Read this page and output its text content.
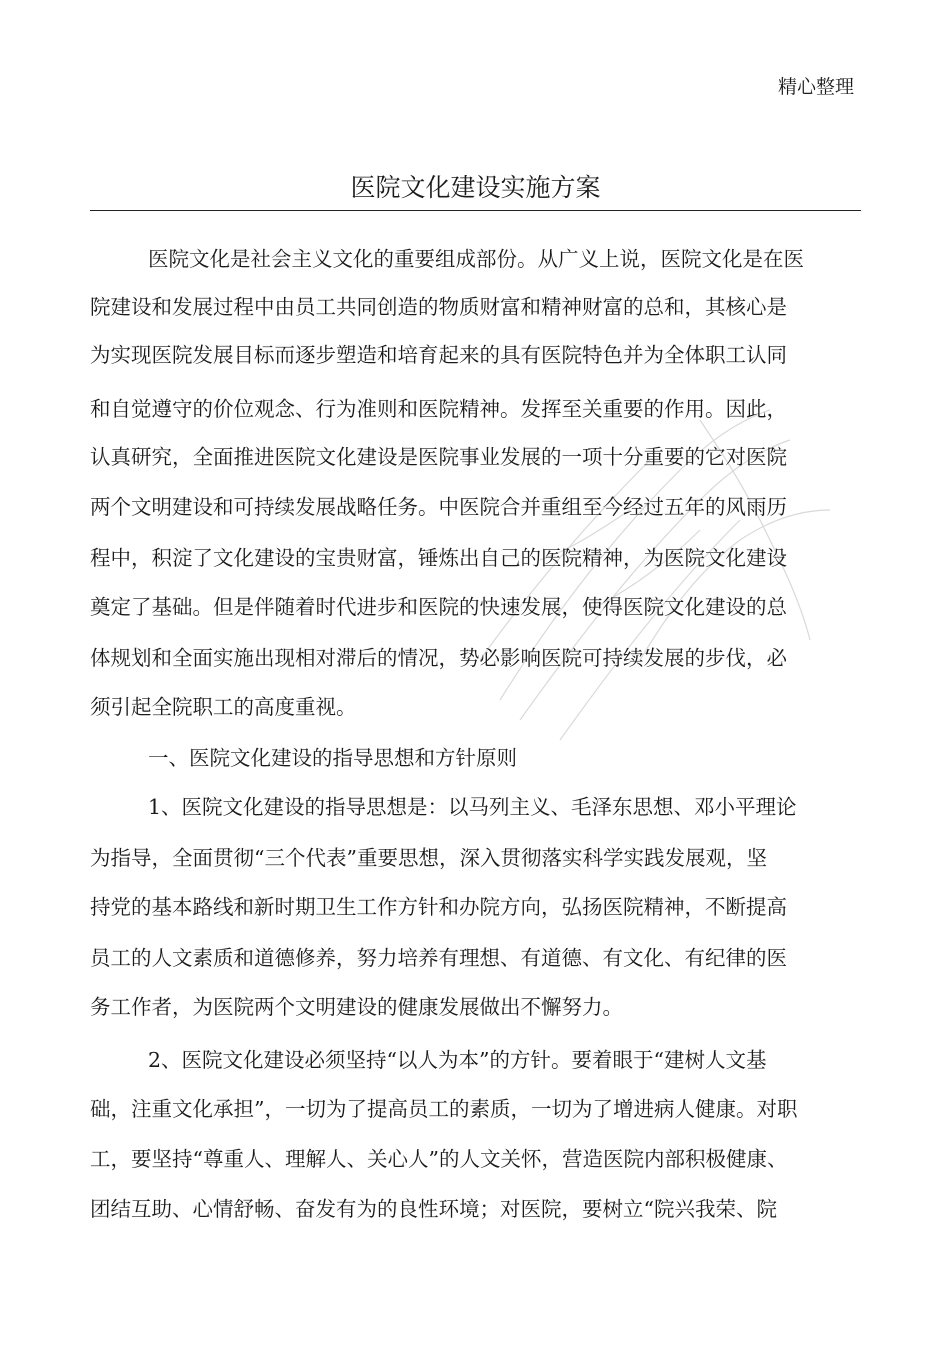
精心整理
医院文化建设实施方案
医院文化是社会主义文化的重要组成部份。从广义上说，医院文化是在医
院建设和发展过程中由员工共同创造的物质财富和精神财富的总和，其核心是
为实现医院发展目标而逐步塑造和培育起来的具有医院特色并为全体职工认同
和自觉遵守的价位观念、行为准则和医院精神。发挥至关重要的作用。因此，
认真研究，全面推进医院文化建设是医院事业发展的一项十分重要的它对医院
两个文明建设和可持续发展战略任务。中医院合并重组至今经过五年的风雨历
程中，积淀了文化建设的宝贵财富，锤炼出自己的医院精神，为医院文化建设
奠定了基础。但是伴随着时代进步和医院的快速发展，使得医院文化建设的总
体规划和全面实施出现相对滞后的情况，势必影响医院可持续发展的步伐，必
须引起全院职工的高度重视。
一、医院文化建设的指导思想和方针原则
1、医院文化建设的指导思想是：以马列主义、毛泽东思想、邓小平理论
为指导，全面贯彻“三个代表”重要思想，深入贯彻落实科学实践发展观，坚
持党的基本路线和新时期卫生工作方针和办院方向，弘扬医院精神，不断提高
员工的人文素质和道德修养，努力培养有理想、有道德、有文化、有纪律的医
务工作者，为医院两个文明建设的健康发展做出不懈努力。
2、医院文化建设必须坚持“以人为本”的方针。要着眼于“建树人文基
础，注重文化承担”，一切为了提高员工的素质，一切为了增进病人健康。对职
工，要坚持“尊重人、理解人、关心人”的人文关怀，营造医院内部积极健康、
团结互助、心情舒畅、奋发有为的良性环境；对医院，要树立“院兴我荣、院
